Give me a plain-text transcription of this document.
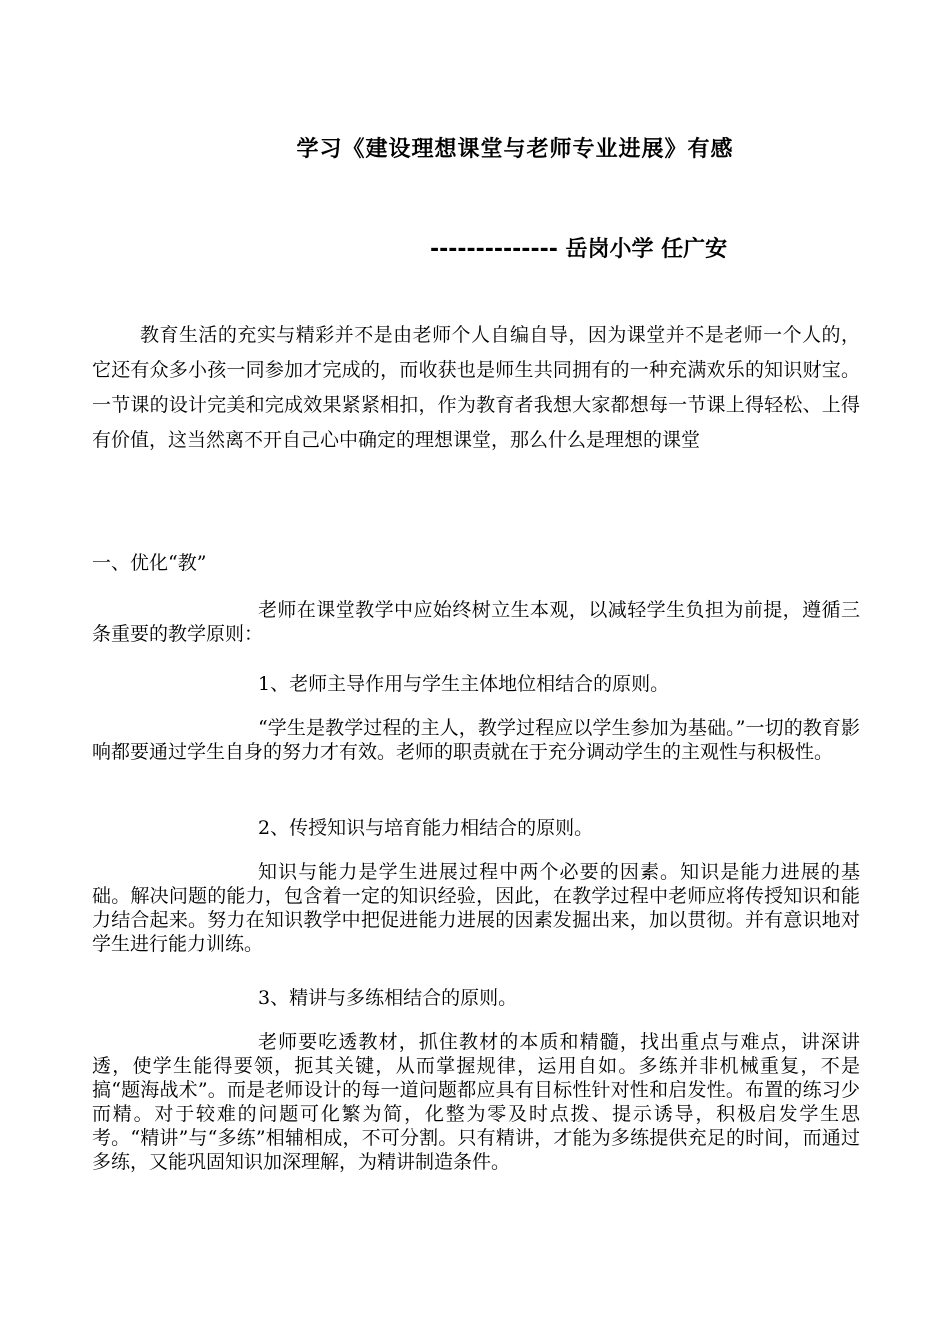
学习《建设理想课堂与老师专业进展》有感
-------------- 岳岗小学 任广安

教育生活的充实与精彩并不是由老师个人自编自导，因为课堂并不是老师一个人的，它还有众多小孩一同参加才完成的，而收获也是师生共同拥有的一种充满欢乐的知识财宝。一节课的设计完美和完成效果紧紧相扣，作为教育者我想大家都想每一节课上得轻松、上得有价值，这当然离不开自己心中确定的理想课堂，那么什么是理想的课堂

一、优化“教”

老师在课堂教学中应始终树立生本观，以减轻学生负担为前提，遵循三条重要的教学原则：

1、老师主导作用与学生主体地位相结合的原则。

“学生是教学过程的主人，教学过程应以学生参加为基础。”一切的教育影响都要通过学生自身的努力才有效。老师的职责就在于充分调动学生的主观性与积极性。

2、传授知识与培育能力相结合的原则。

知识与能力是学生进展过程中两个必要的因素。知识是能力进展的基础。解决问题的能力，包含着一定的知识经验，因此，在教学过程中老师应将传授知识和能力结合起来。努力在知识教学中把促进能力进展的因素发掘出来，加以贯彻。并有意识地对学生进行能力训练。

3、精讲与多练相结合的原则。

老师要吃透教材，抓住教材的本质和精髓，找出重点与难点，讲深讲透，使学生能得要领，扼其关键，从而掌握规律，运用自如。多练并非机械重复，不是搞“题海战术”。而是老师设计的每一道问题都应具有目标性针对性和启发性。布置的练习少而精。对于较难的问题可化繁为简，化整为零及时点拨、提示诱导，积极启发学生思考。“精讲”与“多练”相辅相成，不可分割。只有精讲，才能为多练提供充足的时间，而通过多练，又能巩固知识加深理解，为精讲制造条件。
